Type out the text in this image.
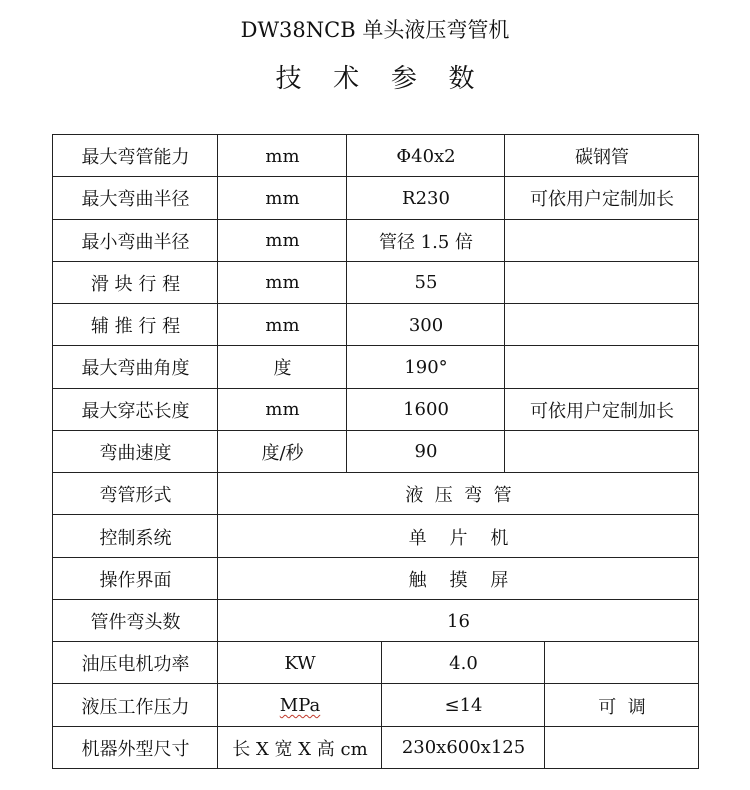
DW38NCB 单头液压弯管机
技 术 参 数
最大弯管能力	mm	Φ40x2	碳钢管
最大弯曲半径	mm	R230	可依用户定制加长
最小弯曲半径	mm	管径 1.5 倍
滑 块 行 程	mm	55
辅 推 行 程	mm	300
最大弯曲角度	度	190°
最大穿芯长度	mm	1600	可依用户定制加长
弯曲速度	度/秒	90
弯管形式	液  压  弯  管
控制系统	单    片    机
操作界面	触    摸    屏
管件弯头数	16
油压电机功率	KW	4.0
液压工作压力	MPa	≤14	可  调
机器外型尺寸	长 X 宽 X 高 cm	230x600x125
